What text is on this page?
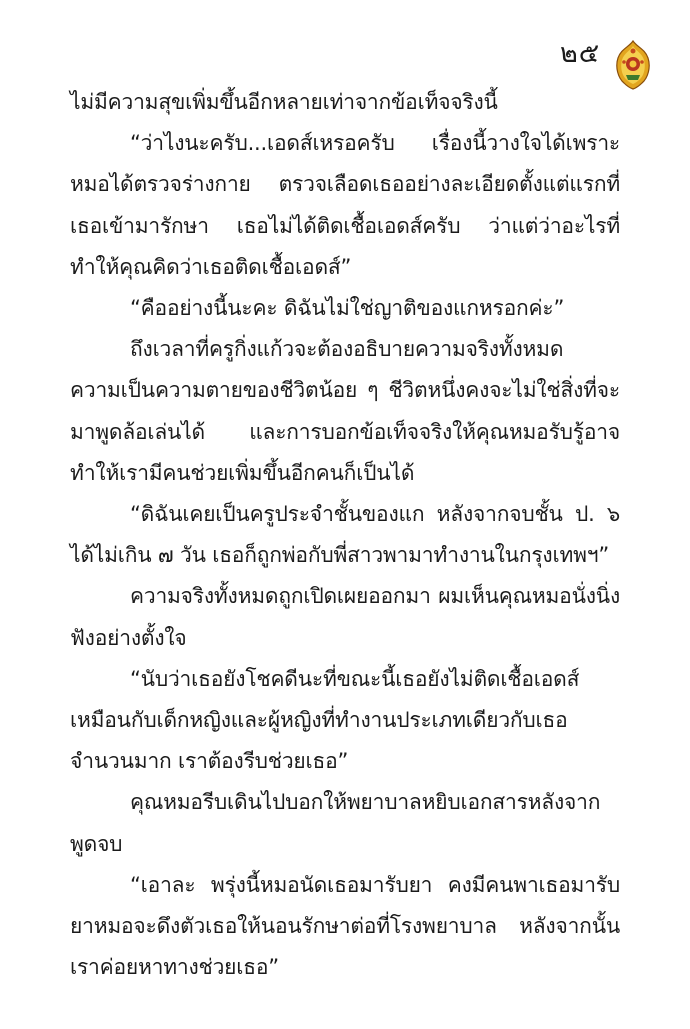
๒๕

ไม่มีความสุขเพิ่มขึ้นอีกหลายเท่าจากข้อเท็จจริงนี้

“ว่าไงนะครับ...เอดส์เหรอครับ เรื่องนี้วางใจได้เพราะหมอได้ตรวจร่างกาย ตรวจเลือดเธออย่างละเอียดตั้งแต่แรกที่เธอเข้ามารักษา เธอไม่ได้ติดเชื้อเอดส์ครับ ว่าแต่ว่าอะไรที่ทำให้คุณคิดว่าเธอติดเชื้อเอดส์”

“คืออย่างนี้นะคะ ดิฉันไม่ใช่ญาติของแกหรอกค่ะ”

ถึงเวลาที่ครูกิ่งแก้วจะต้องอธิบายความจริงทั้งหมด ความเป็นความตายของชีวิตน้อย ๆ ชีวิตหนึ่งคงจะไม่ใช่สิ่งที่จะมาพูดล้อเล่นได้ และการบอกข้อเท็จจริงให้คุณหมอรับรู้อาจทำให้เรามีคนช่วยเพิ่มขึ้นอีกคนก็เป็นได้

“ดิฉันเคยเป็นครูประจำชั้นของแก หลังจากจบชั้น ป. ๖ ได้ไม่เกิน ๗ วัน เธอก็ถูกพ่อกับพี่สาวพามาทำงานในกรุงเทพฯ”

ความจริงทั้งหมดถูกเปิดเผยออกมา ผมเห็นคุณหมอนั่งนิ่งฟังอย่างตั้งใจ

“นับว่าเธอยังโชคดีนะที่ขณะนี้เธอยังไม่ติดเชื้อเอดส์เหมือนกับเด็กหญิงและผู้หญิงที่ทำงานประเภทเดียวกับเธอจำนวนมาก เราต้องรีบช่วยเธอ”

คุณหมอรีบเดินไปบอกให้พยาบาลหยิบเอกสารหลังจากพูดจบ

“เอาละ พรุ่งนี้หมอนัดเธอมารับยา คงมีคนพาเธอมารับยาหมอจะดึงตัวเธอให้นอนรักษาต่อที่โรงพยาบาล หลังจากนั้นเราค่อยหาทางช่วยเธอ”
